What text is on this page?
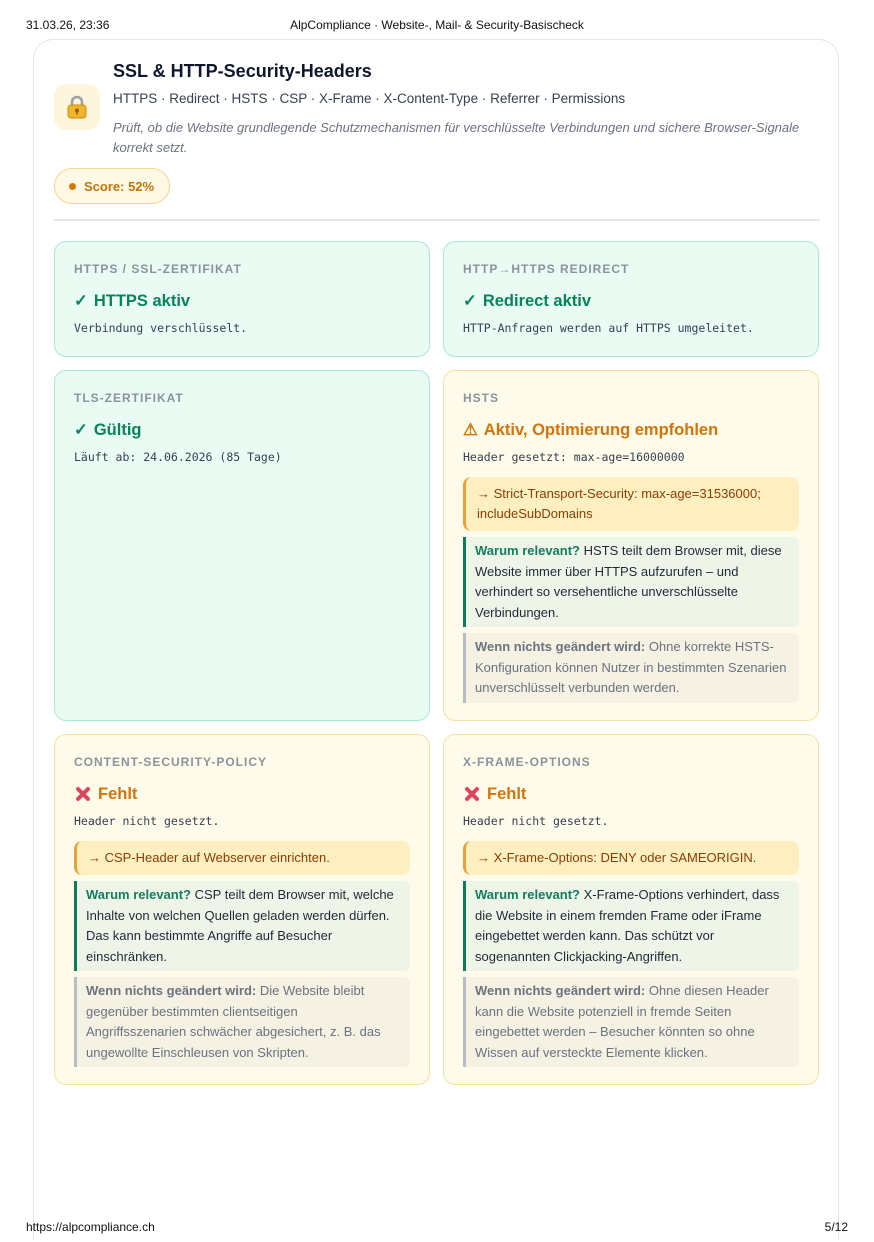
31.03.26, 23:36	AlpCompliance · Website-, Mail- & Security-Basischeck
SSL & HTTP-Security-Headers
HTTPS · Redirect · HSTS · CSP · X-Frame · X-Content-Type · Referrer · Permissions
Prüft, ob die Website grundlegende Schutzmechanismen für verschlüsselte Verbindungen und sichere Browser-Signale korrekt setzt.
Score: 52%
HTTPS / SSL-ZERTIFIKAT
✓ HTTPS aktiv
Verbindung verschlüsselt.
HTTP→HTTPS REDIRECT
✓ Redirect aktiv
HTTP-Anfragen werden auf HTTPS umgeleitet.
TLS-ZERTIFIKAT
✓ Gültig
Läuft ab: 24.06.2026 (85 Tage)
HSTS
⚠ Aktiv, Optimierung empfohlen
Header gesetzt: max-age=16000000
→ Strict-Transport-Security: max-age=31536000; includeSubDomains
Warum relevant? HSTS teilt dem Browser mit, diese Website immer über HTTPS aufzurufen – und verhindert so versehentliche unverschlüsselte Verbindungen.
Wenn nichts geändert wird: Ohne korrekte HSTS-Konfiguration können Nutzer in bestimmten Szenarien unverschlüsselt verbunden werden.
CONTENT-SECURITY-POLICY
Fehlt
Header nicht gesetzt.
→ CSP-Header auf Webserver einrichten.
Warum relevant? CSP teilt dem Browser mit, welche Inhalte von welchen Quellen geladen werden dürfen. Das kann bestimmte Angriffe auf Besucher einschränken.
Wenn nichts geändert wird: Die Website bleibt gegenüber bestimmten clientseitigen Angriffsszenarien schwächer abgesichert, z. B. das ungewollte Einschleusen von Skripten.
X-FRAME-OPTIONS
Fehlt
Header nicht gesetzt.
→ X-Frame-Options: DENY oder SAMEORIGIN.
Warum relevant? X-Frame-Options verhindert, dass die Website in einem fremden Frame oder iFrame eingebettet werden kann. Das schützt vor sogenannten Clickjacking-Angriffen.
Wenn nichts geändert wird: Ohne diesen Header kann die Website potenziell in fremde Seiten eingebettet werden – Besucher könnten so ohne Wissen auf versteckte Elemente klicken.
https://alpcompliance.ch	5/12
